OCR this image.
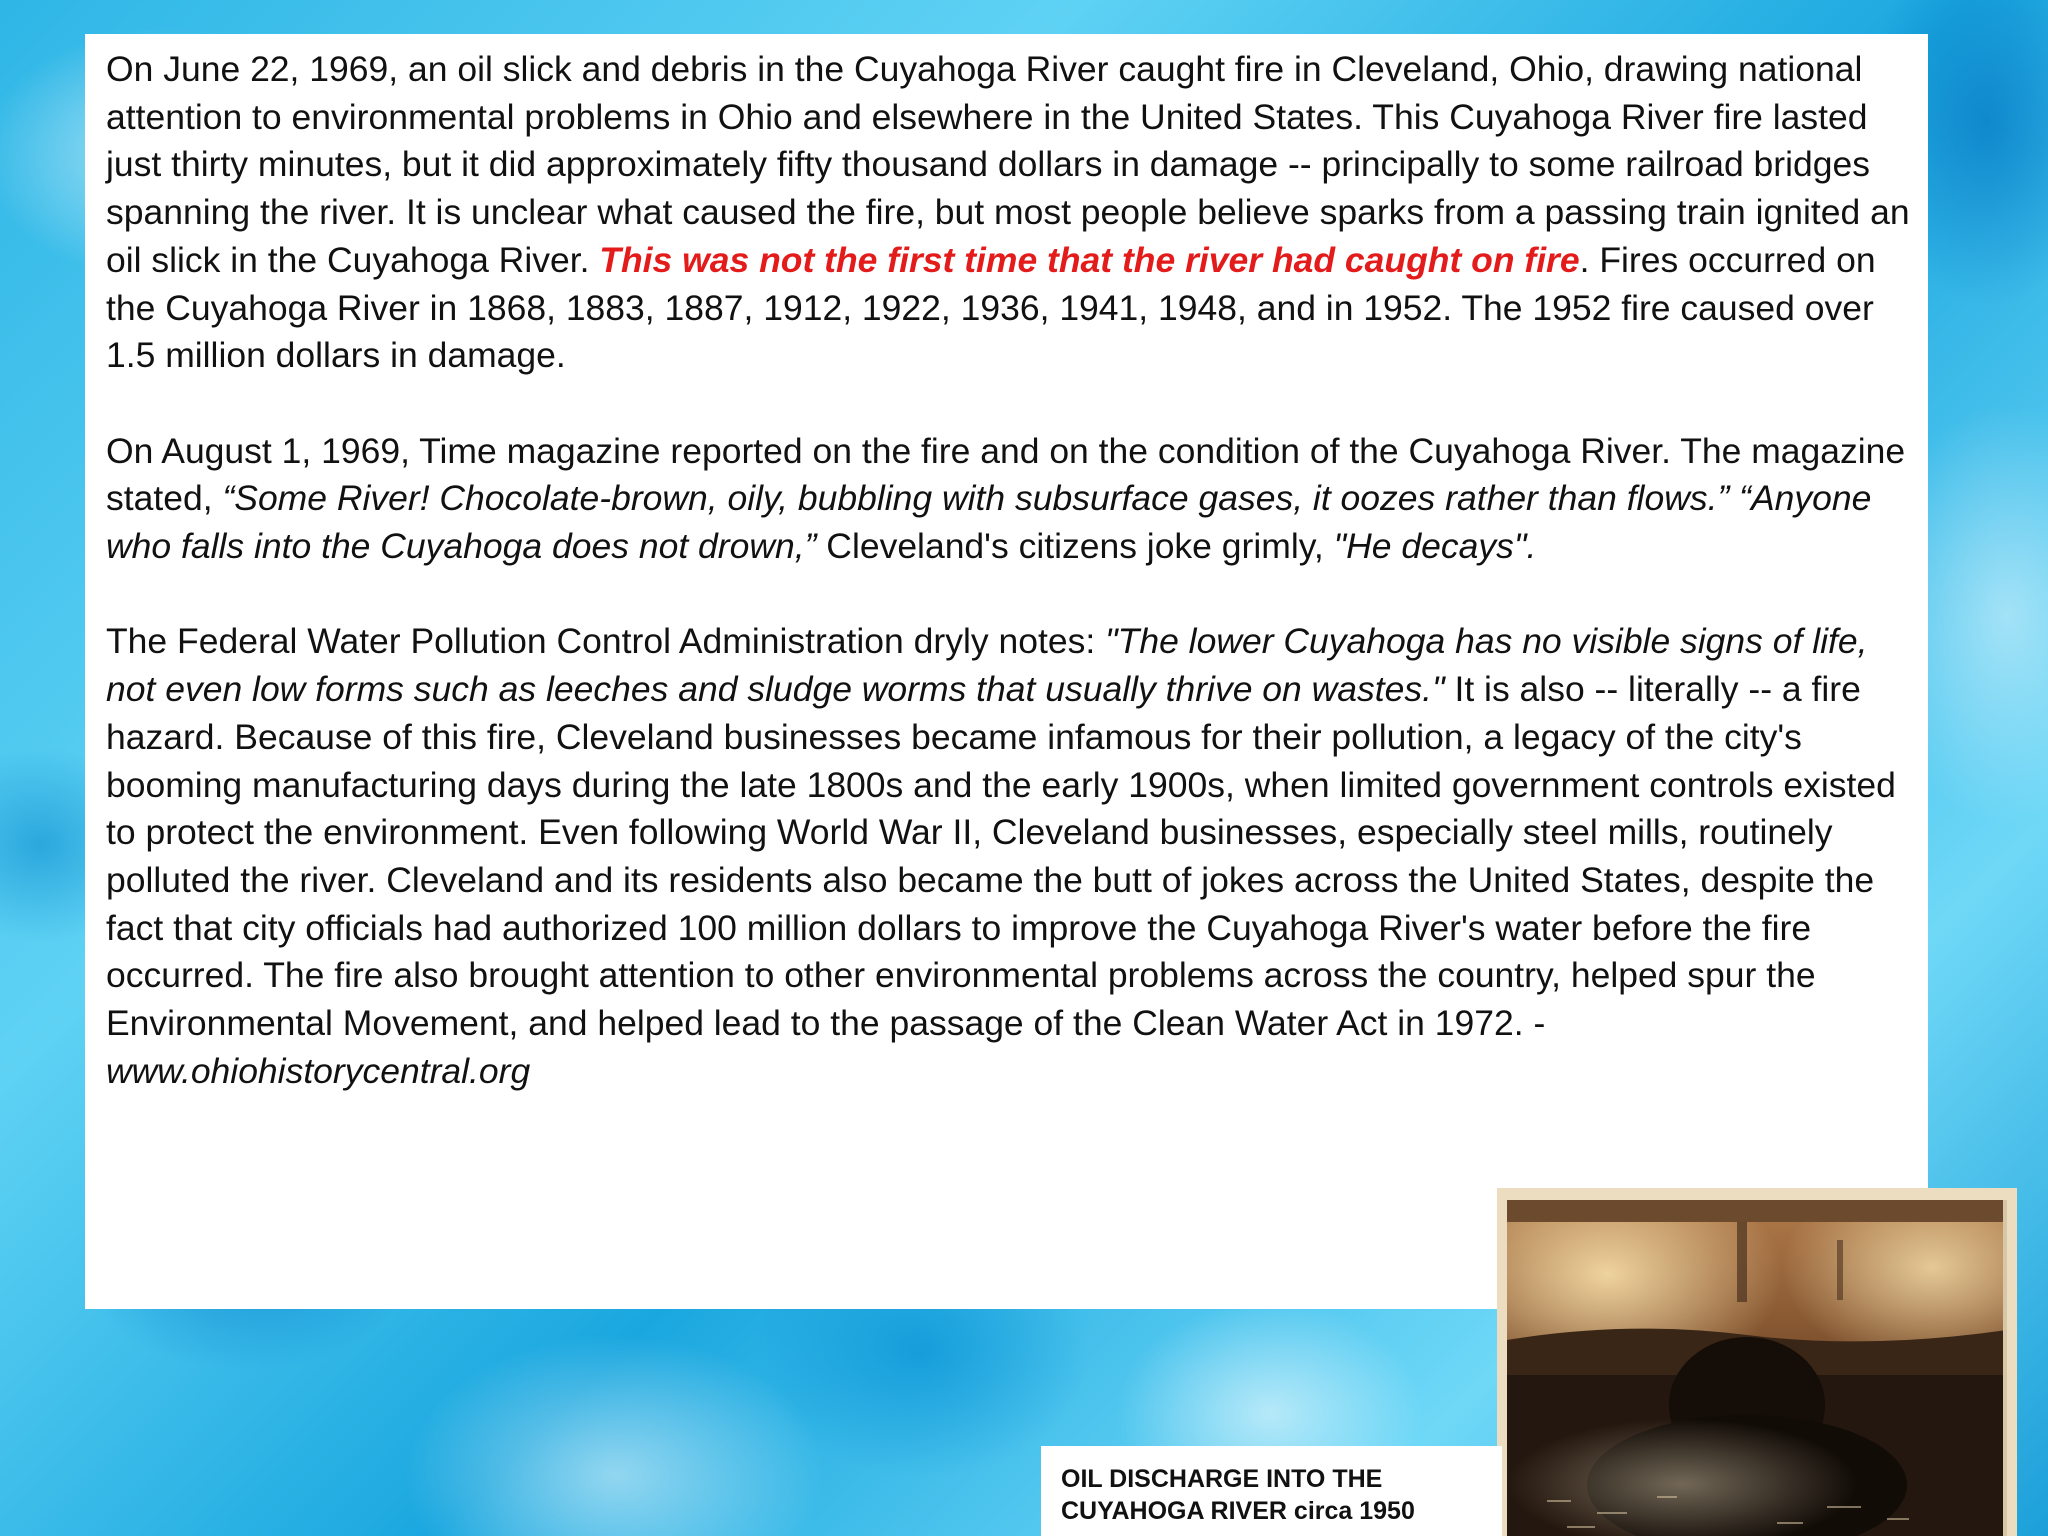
On June 22, 1969, an oil slick and debris in the Cuyahoga River caught fire in Cleveland, Ohio, drawing national attention to environmental problems in Ohio and elsewhere in the United States. This Cuyahoga River fire lasted just thirty minutes, but it did approximately fifty thousand dollars in damage -- principally to some railroad bridges spanning the river. It is unclear what caused the fire, but most people believe sparks from a passing train ignited an oil slick in the Cuyahoga River. This was not the first time that the river had caught on fire. Fires occurred on the Cuyahoga River in 1868, 1883, 1887, 1912, 1922, 1936, 1941, 1948, and in 1952. The 1952 fire caused over 1.5 million dollars in damage.

On August 1, 1969, Time magazine reported on the fire and on the condition of the Cuyahoga River. The magazine stated, “Some River! Chocolate-brown, oily, bubbling with subsurface gases, it oozes rather than flows.” “Anyone who falls into the Cuyahoga does not drown,” Cleveland's citizens joke grimly, "He decays".

The Federal Water Pollution Control Administration dryly notes: "The lower Cuyahoga has no visible signs of life, not even low forms such as leeches and sludge worms that usually thrive on wastes." It is also -- literally -- a fire hazard. Because of this fire, Cleveland businesses became infamous for their pollution, a legacy of the city's booming manufacturing days during the late 1800s and the early 1900s, when limited government controls existed to protect the environment. Even following World War II, Cleveland businesses, especially steel mills, routinely polluted the river. Cleveland and its residents also became the butt of jokes across the United States, despite the fact that city officials had authorized 100 million dollars to improve the Cuyahoga River's water before the fire occurred. The fire also brought attention to other environmental problems across the country, helped spur the Environmental Movement, and helped lead to the passage of the Clean Water Act in 1972. - www.ohiohistorycentral.org

OIL DISCHARGE INTO THE
CUYAHOGA RIVER circa 1950
